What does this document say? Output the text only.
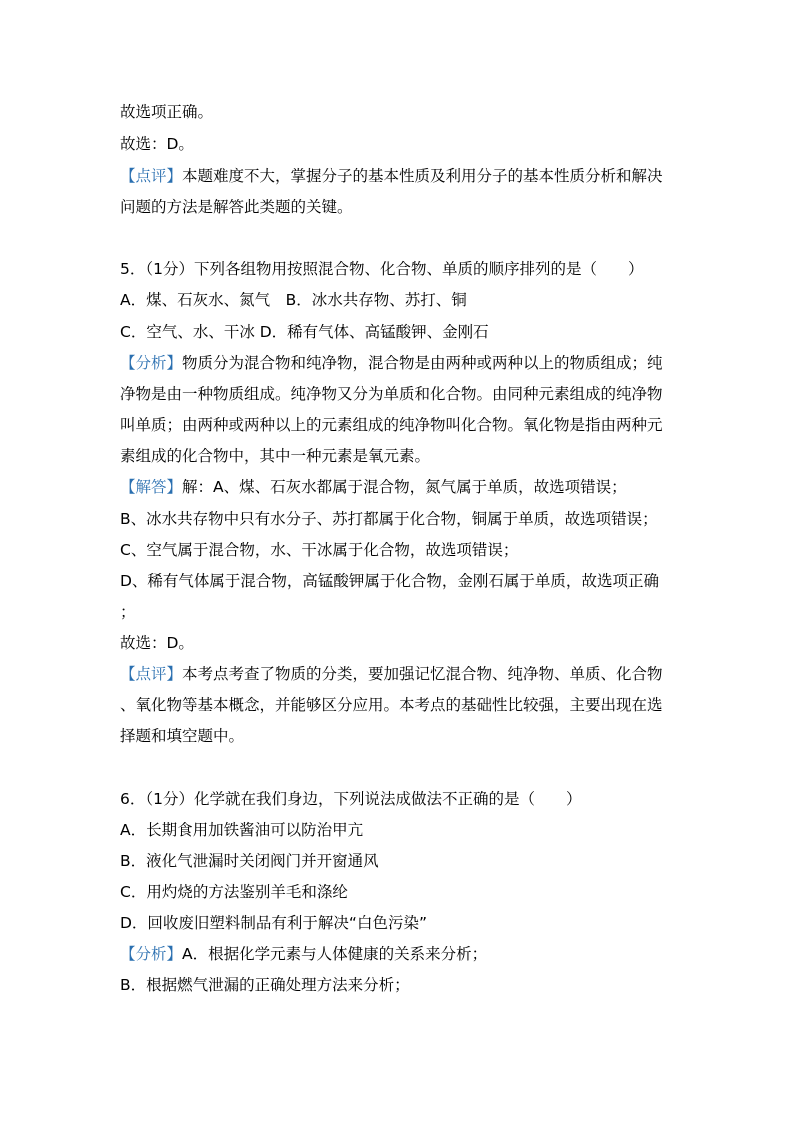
故选项正确。
故选：D。
【点评】本题难度不大，掌握分子的基本性质及利用分子的基本性质分析和解决
问题的方法是解答此类题的关键。
5．（1分）下列各组物用按照混合物、化合物、单质的顺序排列的是（　　）
A．煤、石灰水、氮气　B．冰水共存物、苏打、铜
C．空气、水、干冰 D．稀有气体、高锰酸钾、金刚石
【分析】物质分为混合物和纯净物，混合物是由两种或两种以上的物质组成；纯
净物是由一种物质组成。纯净物又分为单质和化合物。由同种元素组成的纯净物
叫单质；由两种或两种以上的元素组成的纯净物叫化合物。氧化物是指由两种元
素组成的化合物中，其中一种元素是氧元素。
【解答】解：A、煤、石灰水都属于混合物，氮气属于单质，故选项错误；
B、冰水共存物中只有水分子、苏打都属于化合物，铜属于单质，故选项错误；
C、空气属于混合物，水、干冰属于化合物，故选项错误；
D、稀有气体属于混合物，高锰酸钾属于化合物，金刚石属于单质，故选项正确
；
故选：D。
【点评】本考点考查了物质的分类，要加强记忆混合物、纯净物、单质、化合物
、氧化物等基本概念，并能够区分应用。本考点的基础性比较强，主要出现在选
择题和填空题中。
6．（1分）化学就在我们身边，下列说法成做法不正确的是（　　）
A．长期食用加铁酱油可以防治甲亢
B．液化气泄漏时关闭阀门并开窗通风
C．用灼烧的方法鉴别羊毛和涤纶
D．回收废旧塑料制品有利于解决“白色污染”
【分析】A．根据化学元素与人体健康的关系来分析；
B．根据燃气泄漏的正确处理方法来分析；
